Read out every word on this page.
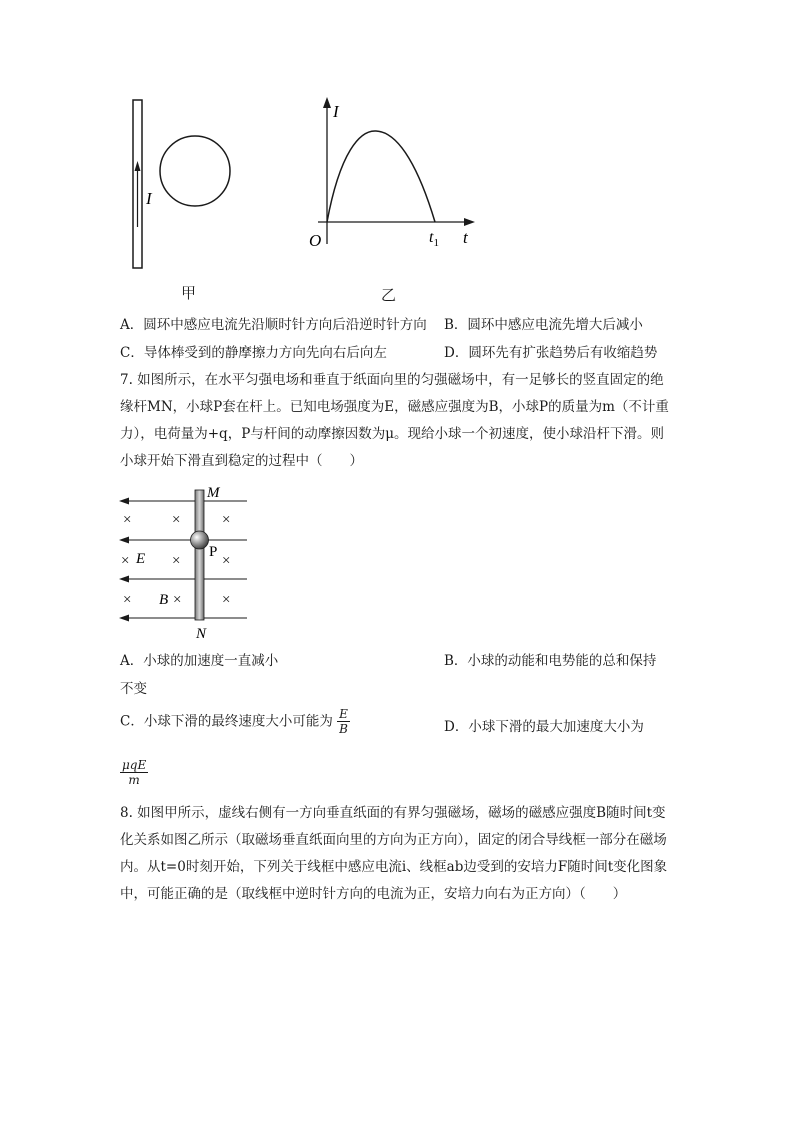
I
甲
I
t
O	$t_1$
乙
A．圆环中感应电流先沿顺时针方向后沿逆时针方向 B．圆环中感应电流先增大后减小
C．导体棒受到的静摩擦力方向先向右后向左	D．圆环先有扩张趋势后有收缩趋势
7. 如图所示，在水平匀强电场和垂直于纸面向里的匀强磁场中，有一足够长的竖直固定的绝缘杆MN，小球P套在杆上。已知电场强度为E，磁感应强度为B，小球P的质量为m（不计重力），电荷量为+q，P与杆间的动摩擦因数为μ。现给小球一个初速度，使小球沿杆下滑。则小球开始下滑直到稳定的过程中（　　）
×	×	×
×	×	×
×	×	×
M
N
P
E
B
A．小球的加速度一直减小	B．小球的动能和电势能的总和保持
不变
C．小球下滑的最终速度大小可能为 $\frac{E}{B}$	D．小球下滑的最大加速度大小为
$\frac{\text{μqE}}{m}$
8. 如图甲所示，虚线右侧有一方向垂直纸面的有界匀强磁场，磁场的磁感应强度B随时间t变化关系如图乙所示（取磁场垂直纸面向里的方向为正方向），固定的闭合导线框一部分在磁场内。从t=0时刻开始，下列关于线框中感应电流i、线框ab边受到的安培力F随时间t变化图象中，可能正确的是（取线框中逆时针方向的电流为正，安培力向右为正方向）（　　）
